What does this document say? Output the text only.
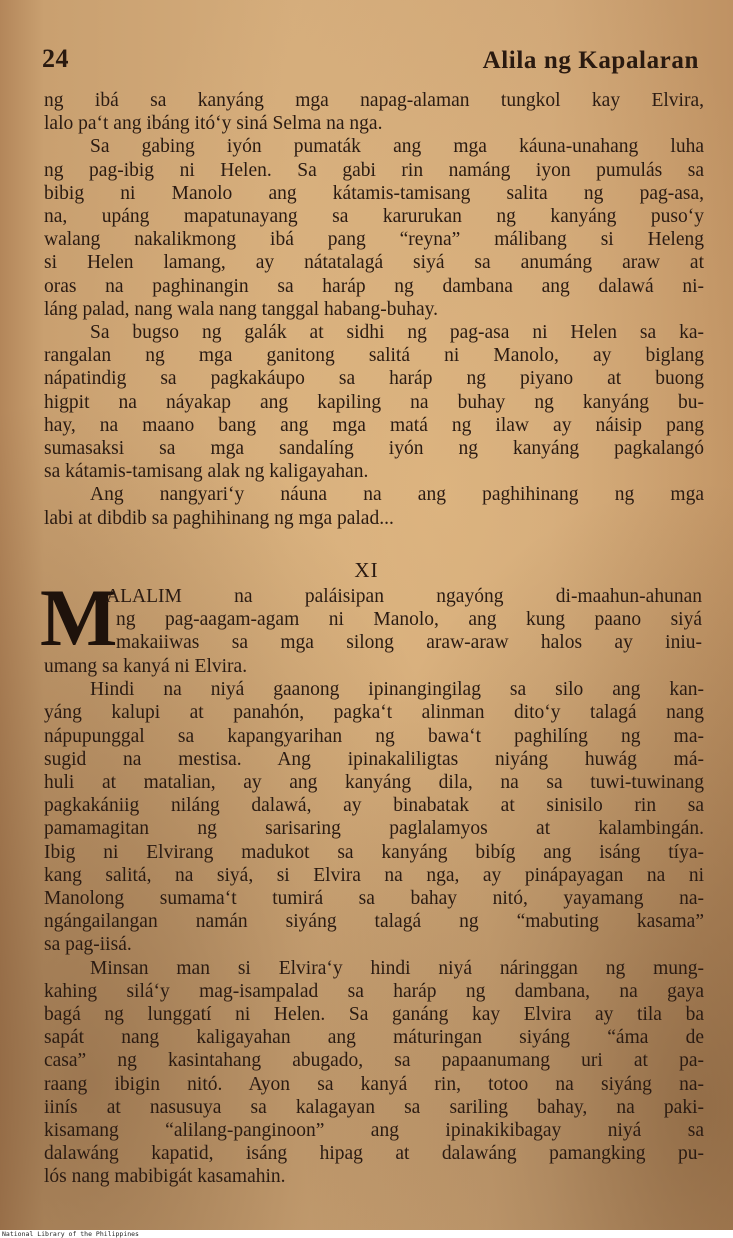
24	Alila ng Kapalaran
ng ibá sa kanyáng mga napag-alaman tungkol kay Elvira,
lalo pa‘t ang ibáng itó‘y siná Selma na nga.
Sa gabing iyón pumaták ang mga káuna-unahang luha
ng pag-ibig ni Helen. Sa gabi rin namáng iyon pumulás sa
bibig ni Manolo ang kátamis-tamisang salita ng pag-asa,
na, upáng mapatunayang sa karurukan ng kanyáng puso‘y
walang nakalikmong ibá pang “reyna” málibang si Heleng
si Helen lamang, ay nátatalagá siyá sa anumáng araw at
oras na paghinangin sa haráp ng dambana ang dalawá ni-
láng palad, nang wala nang tanggal habang-buhay.
Sa bugso ng galák at sidhi ng pag-asa ni Helen sa ka-
rangalan ng mga ganitong salitá ni Manolo, ay biglang
nápatindig sa pagkakáupo sa haráp ng piyano at buong
higpit na náyakap ang kapiling na buhay ng kanyáng bu-
hay, na maano bang ang mga matá ng ilaw ay náisip pang
sumasaksi sa mga sandalíng iyón ng kanyáng pagkalangó
sa kátamis-tamisang alak ng kaligayahan.
Ang nangyari‘y náuna na ang paghihinang ng mga
labi at dibdib sa paghihinang ng mga palad...
XI
M
ALALIM na paláisipan ngayóng di-maahun-ahunan
ng pag-aagam-agam ni Manolo, ang kung paano siyá
makaiiwas sa mga silong araw-araw halos ay iniu-
umang sa kanyá ni Elvira.
Hindi na niyá gaanong ipinangingilag sa silo ang kan-
yáng kalupi at panahón, pagka‘t alinman dito‘y talagá nang
nápupunggal sa kapangyarihan ng bawa‘t paghilíng ng ma-
sugid na mestisa. Ang ipinakaliligtas niyáng huwág má-
huli at matalian, ay ang kanyáng dila, na sa tuwi-tuwinang
pagkakániig niláng dalawá, ay binabatak at sinisilo rin sa
pamamagitan ng sarisaring paglalamyos at kalambingán.
Ibig ni Elvirang madukot sa kanyáng bibíg ang isáng tíya-
kang salitá, na siyá, si Elvira na nga, ay pinápayagan na ni
Manolong sumama‘t tumirá sa bahay nitó, yayamang na-
ngángailangan namán siyáng talagá ng “mabuting kasama”
sa pag-iisá.
Minsan man si Elvira‘y hindi niyá náringgan ng mung-
kahing silá‘y mag-isampalad sa haráp ng dambana, na gaya
bagá ng lunggatí ni Helen. Sa ganáng kay Elvira ay tila ba
sapát nang kaligayahan ang máturingan siyáng “áma de
casa” ng kasintahang abugado, sa papaanumang uri at pa-
raang ibigin nitó. Ayon sa kanyá rin, totoo na siyáng na-
iinís at nasusuya sa kalagayan sa sariling bahay, na paki-
kisamang “alilang-panginoon” ang ipinakikibagay niyá sa
dalawáng kapatid, isáng hipag at dalawáng pamangking pu-
lós nang mabibigát kasamahin.
National Library of the Philippines
